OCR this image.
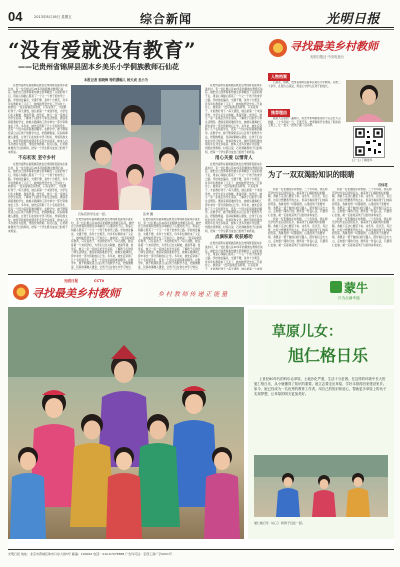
04	2013年8月16日 星期五	综合新闻	光明日报
“没有爱就没有教育”
——记贵州省锦屏县固本乡美乐小学侗族教师石仙花
本报记者 郭晓梅 特约撰稿人 杨天成 龙小为

在贵州省黔东南侗族苗族自治州锦屏县固本乡美乐村，有一位扎根山区20多年的侗族女教师石仙花。她把自己的青春和热情全部奉献给了山里的孩子们，用爱心和耐心照亮了一个又一个孩子的求学之路。学校地处偏远，交通不便，条件十分艰苦，许多年轻教师来了又走了，她却始终坚守在三尺讲台上。她常说：“没有爱就没有教育，只有爱孩子，才能教好孩子。”每天清晨，她总是第一个来到学校，为学生们生火取暖、准备早餐；放学后，她又一家一家地走访学生家庭，了解孩子们的学习和生活情况。遇到家庭困难的学生，她就从微薄的工资中拿出一部分资助他们上学。多年来，她先后资助了几十名贫困学生，没有一个因为家庭困难而辍学。在教学中，她不断探索适合山区孩子的教学方法，把侗族歌谣、民间故事融入课堂，让孩子们在快乐中学习知识、传承民族文化。她所带的班级成绩连年名列全乡前茅，她本人也多次被评为县级、州级优秀教师。村民们说，石老师就像孩子们的妈妈，把每一个学生都当成自己的孩子来疼爱。

不忘初衷 坚守乡村

在贵州省黔东南侗族苗族自治州锦屏县固本乡美乐村，有一位扎根山区20多年的侗族女教师石仙花。她把自己的青春和热情全部奉献给了山里的孩子们，用爱心和耐心照亮了一个又一个孩子的求学之路。学校地处偏远，交通不便，条件十分艰苦，许多年轻教师来了又走了，她却始终坚守在三尺讲台上。她常说：“没有爱就没有教育，只有爱孩子，才能教好孩子。”每天清晨，她总是第一个来到学校，为学生们生火取暖、准备早餐；放学后，她又一家一家地走访学生家庭，了解孩子们的学习和生活情况。遇到家庭困难的学生，她就从微薄的工资中拿出一部分资助他们上学。多年来，她先后资助了几十名贫困学生，没有一个因为家庭困难而辍学。在教学中，她不断探索适合山区孩子的教学方法，把侗族歌谣、民间故事融入课堂，让孩子们在快乐中学习知识、传承民族文化。她所带的班级成绩连年名列全乡前茅，她本人也多次被评为县级、州级优秀教师。村民们说，石老师就像孩子们的妈妈，把每一个学生都当成自己的孩子来疼爱。

石仙花和学生在一起。	张秀 摄

在贵州省黔东南侗族苗族自治州锦屏县固本乡美乐村，有一位扎根山区20多年的侗族女教师石仙花。她把自己的青春和热情全部奉献给了山里的孩子们，用爱心和耐心照亮了一个又一个孩子的求学之路。学校地处偏远，交通不便，条件十分艰苦，许多年轻教师来了又走了，她却始终坚守在三尺讲台上。她常说：“没有爱就没有教育，只有爱孩子，才能教好孩子。”每天清晨，她总是第一个来到学校，为学生们生火取暖、准备早餐；放学后，她又一家一家地走访学生家庭，了解孩子们的学习和生活情况。遇到家庭困难的学生，她就从微薄的工资中拿出一部分资助他们上学。多年来，她先后资助了几十名贫困学生，没有一个因为家庭困难而辍学。在教学中，她不断探索适合山区孩子的教学方法，把侗族歌谣、民间故事融入课堂，让孩子们在快乐中学习知识、

在贵州省黔东南侗族苗族自治州锦屏县固本乡美乐村，有一位扎根山区20多年的侗族女教师石仙花。她把自己的青春和热情全部奉献给了山里的孩子们，用爱心和耐心照亮了一个又一个孩子的求学之路。学校地处偏远，交通不便，条件十分艰苦，许多年轻教师来了又走了，她却始终坚守在三尺讲台上。她常说：“没有爱就没有教育，只有爱孩子，才能教好孩子。”每天清晨，她总是第一个来到学校，为学生们生火取暖、准备早餐；放学后，她又一家一家地走访学生家庭，了解孩子们的学习和生活情况。遇到家庭困难的学生，她就从微薄的工资中拿出一部分资助他们上学。多年来，她先后资助了几十名贫困学生，没有一个因为家庭困难而辍学。在教学中，她不断探索适合山区孩子的教学方法，把侗族歌谣、民间故事融入课堂，让孩子们在快乐中学习知识、

在贵州省黔东南侗族苗族自治州锦屏县固本乡美乐村，有一位扎根山区20多年的侗族女教师石仙花。她把自己的青春和热情全部奉献给了山里的孩子们，用爱心和耐心照亮了一个又一个孩子的求学之路。学校地处偏远，交通不便，条件十分艰苦，许多年轻教师来了又走了，她却始终坚守在三尺讲台上。她常说：“没有爱就没有教育，只有爱孩子，才能教好孩子。”每天清晨，她总是第一个来到学校，为学生们生火取暖、准备早餐；放学后，她又一家一家地走访学生家庭，了解孩子们的学习和生活情况。遇到家庭困难的学生，她就从微薄的工资中拿出一部分资助他们上学。多年来，她先后资助了几十名贫困学生，没有一个因为家庭困难而辍学。在教学中，她不断探索适合山区孩子的教学方法，把侗族歌谣、民间故事融入课堂，让孩子们在快乐中学习知识、传承民族文化。她所带的班级成绩连年名列全乡前茅，她本人也多次被评为县级、州级优秀教师。村民们说，石老师就像孩子们的妈妈，把每一个学生都当成自己的孩子来疼爱。

用心关爱 以情育人

在贵州省黔东南侗族苗族自治州锦屏县固本乡美乐村，有一位扎根山区20多年的侗族女教师石仙花。她把自己的青春和热情全部奉献给了山里的孩子们，用爱心和耐心照亮了一个又一个孩子的求学之路。学校地处偏远，交通不便，条件十分艰苦，许多年轻教师来了又走了，她却始终坚守在三尺讲台上。她常说：“没有爱就没有教育，只有爱孩子，才能教好孩子。”每天清晨，她总是第一个来到学校，为学生们生火取暖、准备早餐；放学后，她又一家一家地走访学生家庭，了解孩子们的学习和生活情况。遇到家庭困难的学生，她就从微薄的工资中拿出一部分资助他们上学。多年来，她先后资助了几十名贫困学生，没有一个因为家庭困难而辍学。在教学中，她不断探索适合山区孩子的教学方法，把侗族歌谣、民间故事融入课堂，让孩子们在快乐中学习知识、传承民族文化。她所带的班级成绩连年名列全乡前茅，她本人也多次被评为县级、州级优秀教师。村民们说，石老师就像孩子们的妈妈，把每一个学生都当成自己的孩子来疼爱。

点滴积累 收获感动

在贵州省黔东南侗族苗族自治州锦屏县固本乡美乐村，有一位扎根山区20多年的侗族女教师石仙花。她把自己的青春和热情全部奉献给了山里的孩子们，用爱心和耐心照亮了一个又一个孩子的求学之路。学校地处偏远，交通不便，条件十分艰苦，许多年轻教师来了又走了，她却始终坚守在三尺讲台上。她常说：“没有爱就没有教育，只有爱孩子，才能教好孩子。”每天清晨，她总是第一个来到

寻找最美乡村教师
光明日报社 中央电视台
人物档案

石仙花，侗族，贵州省锦屏县固本乡美乐小学教师，从教二十余年，扎根大山深处，用爱心守护山区孩子的成长。

推荐理由

她是大山里的一盏明灯，用坚守和奉献照亮孩子们走出大山的路。二十多年如一日，不离不弃，把青春和汗水洒在了侗乡的土地上，让一批又一批孩子圆了读书梦。

扫一扫 了解更多
为了一双双渴盼知识的眼睛
石仙花

我是一名普通的乡村教师。二十多年前，我从师范学校毕业后回到家乡，看着孩子们渴盼知识的眼睛，我就下定决心要留下来。这些年，有过苦，有过累，也有过想要离开的念头，但每当看到孩子们纯真的笑脸，我就觉得一切都值得。山里的孩子需要老师，我愿意一辈子做他们的引路人，陪伴他们走出大山，走向更广阔的天地。教育是一份良心活，只要用心去做，就一定能收获孩子们的进步和成长。

我是一名普通的乡村教师。二十多年前，我从师范学校毕业后回到家乡，看着孩子们渴盼知识的眼睛，我就下定决心要留下来。这些年，有过苦，有过累，也有过想要离开的念头，但每当看到孩子们纯真的笑脸，我就觉得一切都值得。山里的孩子需要老师，我愿意一辈子做他们的引路人，陪伴他们走出大山，走向更广阔的天地。教育是一份良心活，只要用心去做，就一定能收获孩子们的进步和成长。

我是一名普通的乡村教师。二十多年前，我从师范学校毕业后回到家乡，看着孩子们渴盼知识的眼睛，我就下定决心要留下来。这些年，有过苦，有过累，也有过想要离开的念头，但每当看到孩子们纯真的笑脸，我就觉得一切都值得。山里的孩子需要老师，我愿意一辈子做他们的引路人，陪伴他们走出大山，走向更广阔的天地。教育是一份良心活，只要用心去做，就一定能收获孩子们的进步和成长。

我是一名普通的乡村教师。二十多年前，我从师范学校毕业后回到家乡，看着孩子们渴盼知识的眼睛，我就下定决心要留下来。这些年，有过苦，有过累，也有过想要离开的念头，但每当看到孩子们纯真的笑脸，我就觉得一切都值得。山里的孩子需要老师，我愿意一辈子做他们的引路人，陪伴他们走出大山，走向更广阔的天地。教育是一份良心活，只要用心去做，就一定能收获孩子们的进步和成长。

光明日报	CCTV
寻找最美乡村教师	乡 村 教 师 传 递 正 能 量	蒙牛
只为点滴幸福
草原儿女：
旭仁格日乐

上世纪80年代的科尔沁草原，土地沙化严重，生活十分贫困。在这样的环境中长大的旭仁格日乐，从小就懂得了知识的重要。她立志要走出草原，学好本领再回来建设家乡。如今，她已经成为一名优秀的教育工作者，用自己的知识和爱心，帮助更多草原上的孩子实现梦想，让草原的明天更加美好。

旭仁格日乐（右三）和孩子们在一起。
光明日报 地址：北京市西城区珠市口东大街5号 邮编：100062 电话：010-67078888 广告许可证：京西工商广字0001号
